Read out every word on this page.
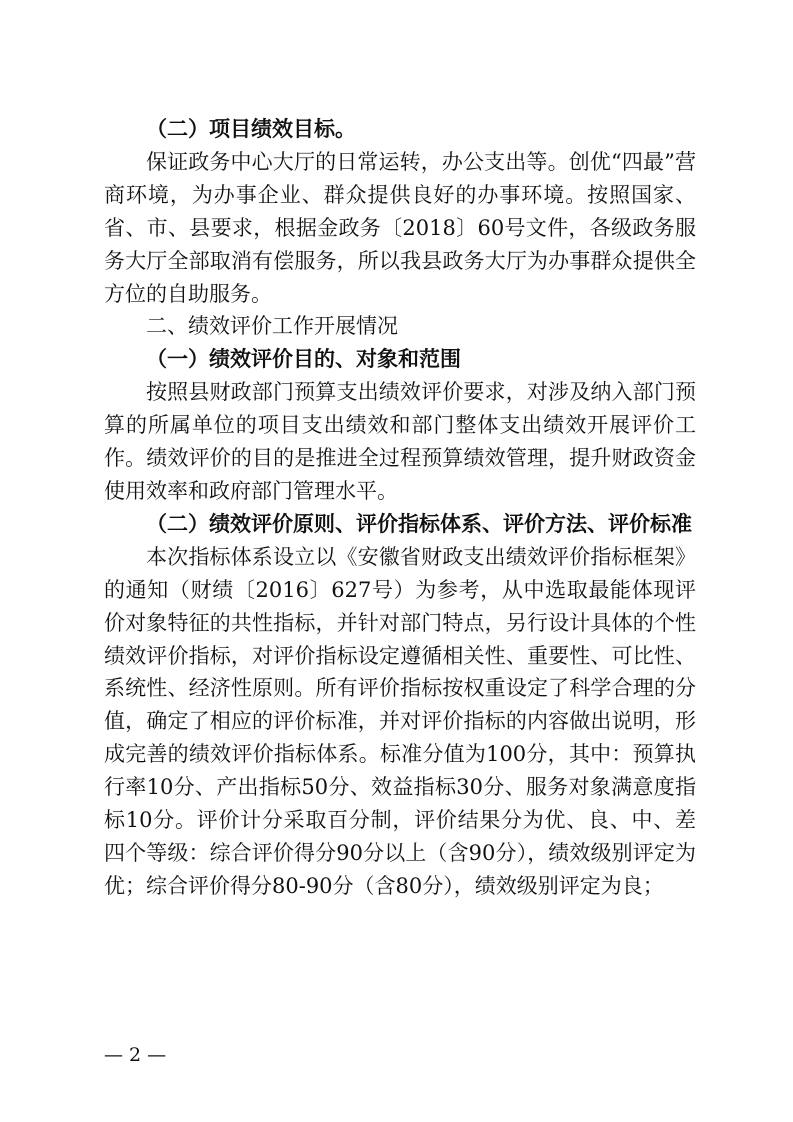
（二）项目绩效目标。

保证政务中心大厅的日常运转，办公支出等。创优“四最”营商环境，为办事企业、群众提供良好的办事环境。按照国家、省、市、县要求，根据金政务〔2018〕60号文件，各级政务服务大厅全部取消有偿服务，所以我县政务大厅为办事群众提供全方位的自助服务。

二、绩效评价工作开展情况

（一）绩效评价目的、对象和范围

按照县财政部门预算支出绩效评价要求，对涉及纳入部门预算的所属单位的项目支出绩效和部门整体支出绩效开展评价工作。绩效评价的目的是推进全过程预算绩效管理，提升财政资金使用效率和政府部门管理水平。

（二）绩效评价原则、评价指标体系、评价方法、评价标准

本次指标体系设立以《安徽省财政支出绩效评价指标框架》的通知（财绩〔2016〕627号）为参考，从中选取最能体现评价对象特征的共性指标，并针对部门特点，另行设计具体的个性绩效评价指标，对评价指标设定遵循相关性、重要性、可比性、系统性、经济性原则。所有评价指标按权重设定了科学合理的分值，确定了相应的评价标准，并对评价指标的内容做出说明，形成完善的绩效评价指标体系。标准分值为100分，其中：预算执行率10分、产出指标50分、效益指标30分、服务对象满意度指标10分。评价计分采取百分制，评价结果分为优、良、中、差四个等级：综合评价得分90分以上（含90分），绩效级别评定为优；综合评价得分80-90分（含80分），绩效级别评定为良；

— 2 —
